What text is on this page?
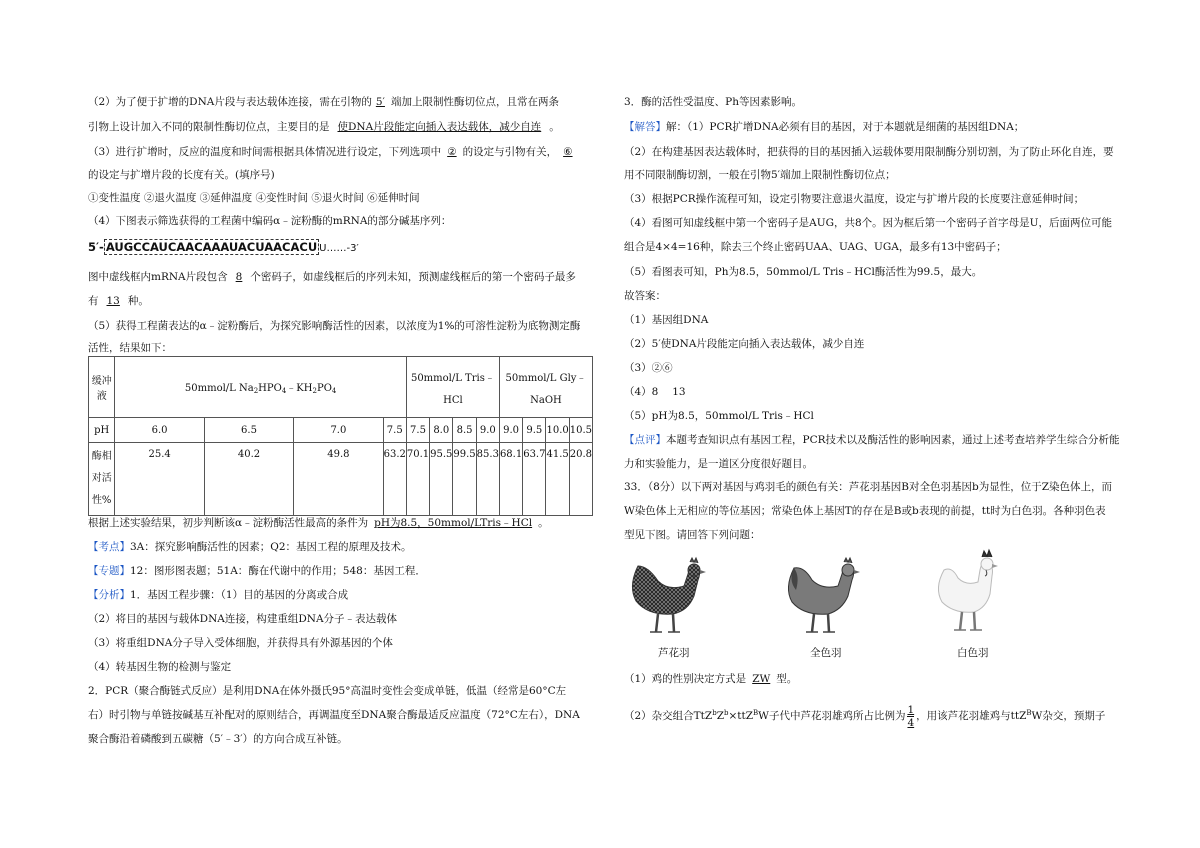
（2）为了便于扩增的DNA片段与表达载体连接，需在引物的 5′ 端加上限制性酶切位点，且常在两条
引物上设计加入不同的限制性酶切位点，主要目的是 使DNA片段能定向插入表达载体，减少自连 。
（3）进行扩增时，反应的温度和时间需根据具体情况进行设定，下列选项中 ② 的设定与引物有关， ⑥
的设定与扩增片段的长度有关。(填序号)
①变性温度 ②退火温度 ③延伸温度 ④变性时间 ⑤退火时间 ⑥延伸时间
（4）下图表示筛选获得的工程菌中编码α﹣淀粉酶的mRNA的部分碱基序列：
5′- AUGCCAUCAACAAAUACUAACACU U……-3′
图中虚线框内mRNA片段包含 8 个密码子，如虚线框后的序列未知，预测虚线框后的第一个密码子最多
有 13 种。
（5）获得工程菌表达的α﹣淀粉酶后，为探究影响酶活性的因素，以浓度为1%的可溶性淀粉为底物测定酶
活性，结果如下：
缓冲
液	50mmol/L $Na_2HPO_4﹣KH_2PO_4$				50mmol/L Tris﹣

HCl				50mmol/L Gly﹣

NaOH			
pH	6.0	6.5	7.0	7.5	7.5	8.0	8.5	9.0	9.0	9.5	10.0	10.5
酶相
对活
性%	25.4	40.2	49.8	63.2	70.1	95.5	99.5	85.3	68.1	63.7	41.5	20.8
根据上述实验结果，初步判断该α﹣淀粉酶活性最高的条件为 pH为8.5，50mmol/LTris﹣HCl 。
【考点】3A：探究影响酶活性的因素；Q2：基因工程的原理及技术。
【专题】12：图形图表题；51A：酶在代谢中的作用；548：基因工程．
【分析】1．基因工程步骤：（1）目的基因的分离或合成
（2）将目的基因与载体DNA连接，构建重组DNA分子﹣表达载体
（3）将重组DNA分子导入受体细胞，并获得具有外源基因的个体
（4）转基因生物的检测与鉴定
2．PCR（聚合酶链式反应）是利用DNA在体外摄氏95°高温时变性会变成单链，低温（经常是60°C左
右）时引物与单链按碱基互补配对的原则结合，再调温度至DNA聚合酶最适反应温度（72°C左右），DNA
聚合酶沿着磷酸到五碳糖（5′﹣3′）的方向合成互补链。
3．酶的活性受温度、Ph等因素影响。
【解答】解：（1）PCR扩增DNA必须有目的基因，对于本题就是细菌的基因组DNA；
（2）在构建基因表达载体时，把获得的目的基因插入运载体要用限制酶分别切割，为了防止环化自连，要
用不同限制酶切割，一般在引物5′端加上限制性酶切位点；
（3）根据PCR操作流程可知，设定引物要注意退火温度，设定与扩增片段的长度要注意延伸时间；
（4）看图可知虚线框中第一个密码子是AUG，共8个。因为框后第一个密码子首字母是U，后面两位可能
组合是4×4=16种，除去三个终止密码UAA、UAG、UGA，最多有13中密码子；
（5）看图表可知，Ph为8.5，50mmol/L Tris﹣HCl酶活性为99.5，最大。
故答案：
（1）基因组DNA
（2）5′使DNA片段能定向插入表达载体，减少自连
（3）②⑥
（4）8　 13
（5）pH为8.5，50mmol/L Tris﹣HCl
【点评】本题考查知识点有基因工程，PCR技术以及酶活性的影响因素，通过上述考查培养学生综合分析能
力和实验能力，是一道区分度很好题目。
33．（8分）以下两对基因与鸡羽毛的颜色有关：芦花羽基因B对全色羽基因b为显性，位于Z染色体上，而
W染色体上无相应的等位基因；常染色体上基因T的存在是B或b表现的前提，tt时为白色羽。各种羽色表
型见下图。请回答下列问题：
芦花羽	全色羽	白色羽
（1）鸡的性别决定方式是 ZW 型。
（2）杂交组合$TtZ^bZ^b\times ttZ^BW$子代中芦花羽雄鸡所占比例为 $\frac{1}{4}$ ，用该芦花羽雄鸡与ttZ$^B$W杂交，预期子
